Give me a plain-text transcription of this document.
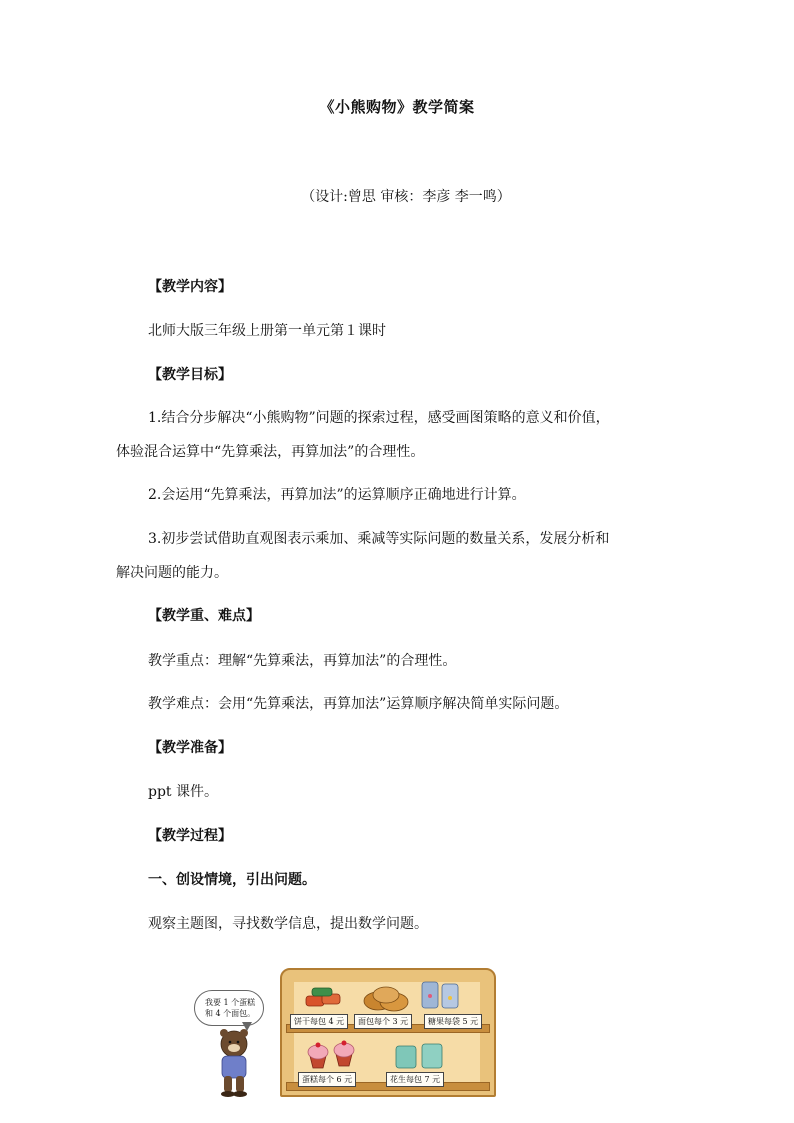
《小熊购物》教学简案
（设计:曾思 审核：李彦 李一鸣）
【教学内容】
北师大版三年级上册第一单元第１课时
【教学目标】
1.结合分步解决“小熊购物”问题的探索过程，感受画图策略的意义和价值，
体验混合运算中“先算乘法，再算加法”的合理性。
2.会运用“先算乘法，再算加法”的运算顺序正确地进行计算。
3.初步尝试借助直观图表示乘加、乘减等实际问题的数量关系，发展分析和
解决问题的能力。
【教学重、难点】
教学重点：理解“先算乘法，再算加法”的合理性。
教学难点：会用“先算乘法，再算加法”运算顺序解决简单实际问题。
【教学准备】
ppt 课件。
【教学过程】
一、创设情境，引出问题。
观察主题图，寻找数学信息，提出数学问题。
饼干每包 4 元	面包每个 3 元	糖果每袋 5 元
蛋糕每个 6 元	花生每包 7 元
我要 1 个蛋糕
和 4 个面包。
